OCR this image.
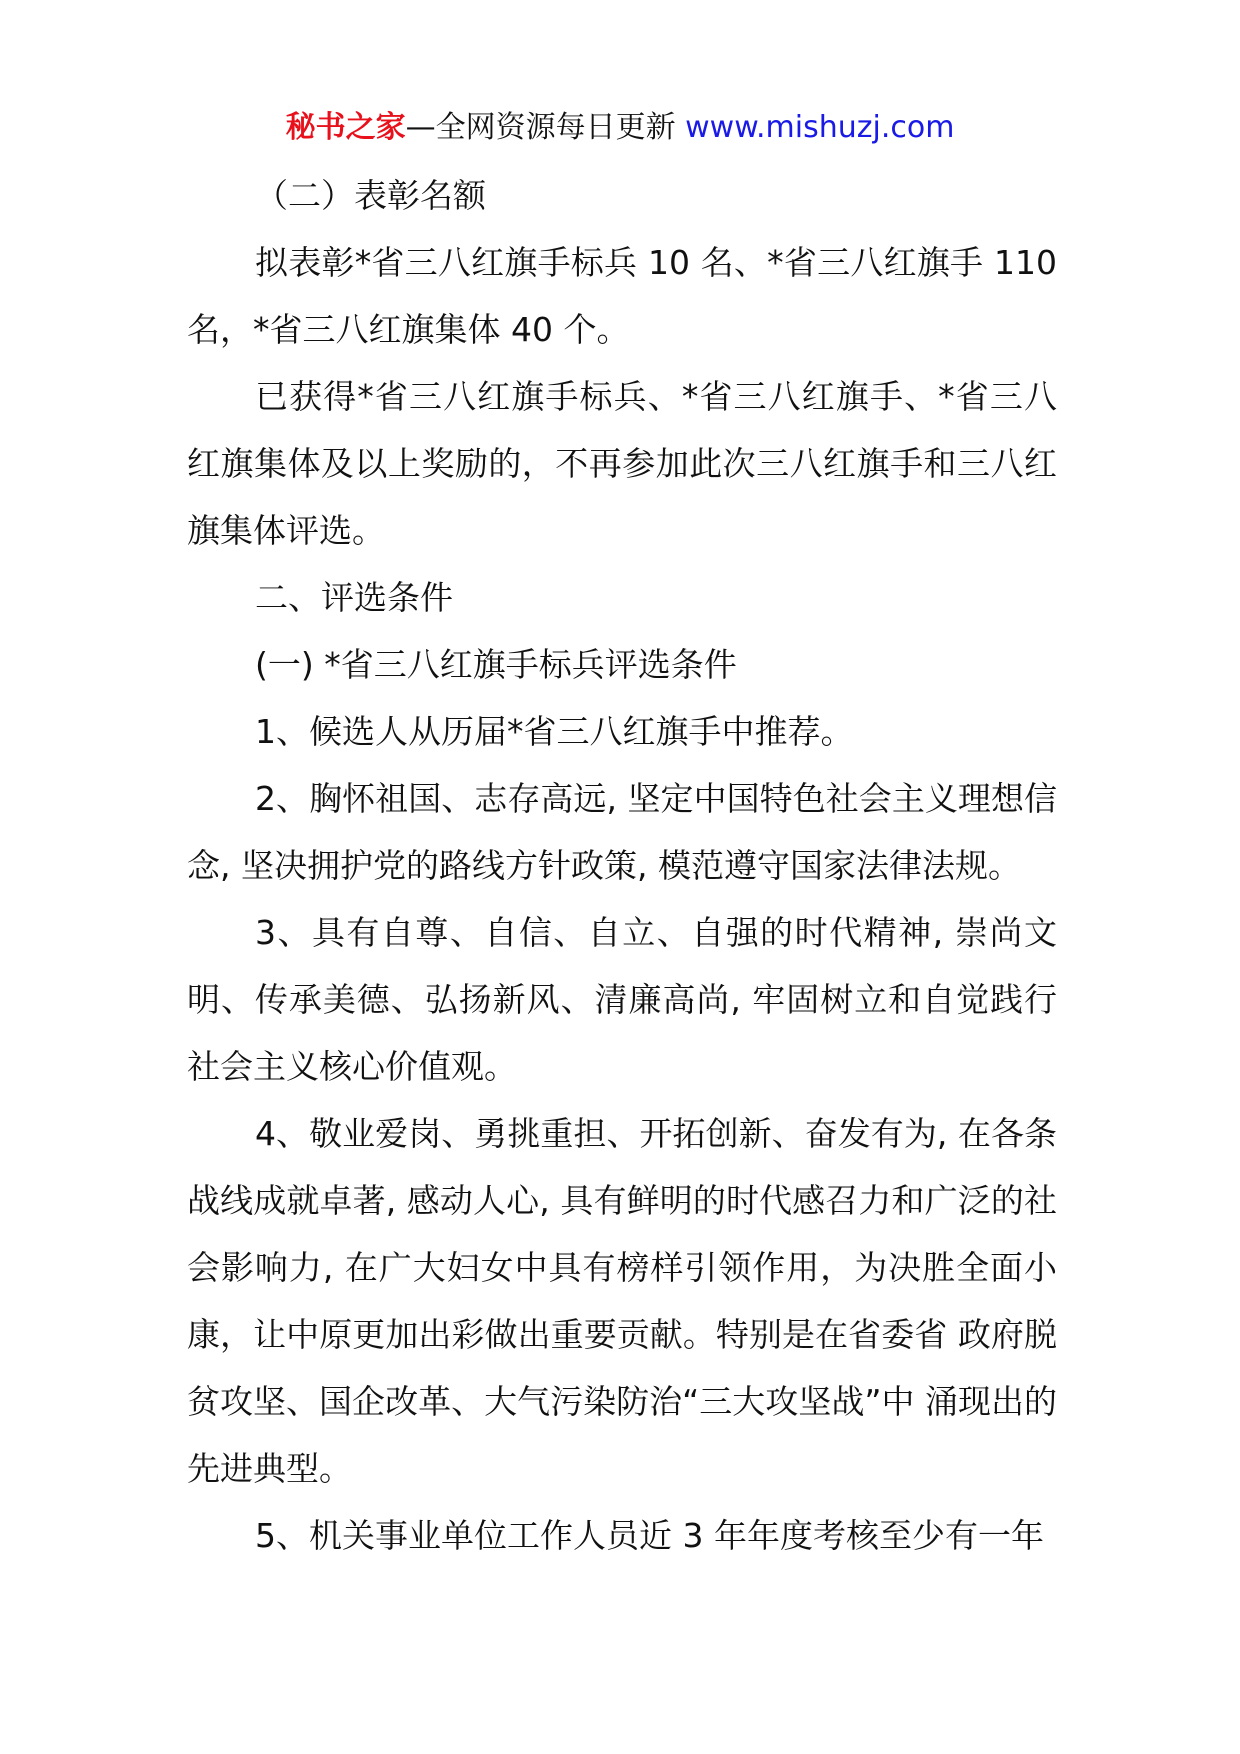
秘书之家—全网资源每日更新 www.mishuzj.com

（二）表彰名额

拟表彰*省三八红旗手标兵 10 名、*省三八红旗手 110 名，*省三八红旗集体 40 个。

已获得*省三八红旗手标兵、*省三八红旗手、*省三八 红旗集体及以上奖励的，不再参加此次三八红旗手和三八红旗集体评选。

二、评选条件

(一) *省三八红旗手标兵评选条件

1、候选人从历届*省三八红旗手中推荐。

2、胸怀祖国、志存高远, 坚定中国特色社会主义理想信念, 坚决拥护党的路线方针政策, 模范遵守国家法律法规。

3、具有自尊、自信、自立、自强的时代精神, 崇尚文明、传承美德、弘扬新风、清廉高尚, 牢固树立和自觉践行社会主义核心价值观。

4、敬业爱岗、勇挑重担、开拓创新、奋发有为, 在各条战线成就卓著, 感动人心, 具有鲜明的时代感召力和广泛的社会影响力, 在广大妇女中具有榜样引领作用，为决胜全面小康，让中原更加出彩做出重要贡献。特别是在省委省 政府脱贫攻坚、国企改革、大气污染防治“三大攻坚战”中 涌现出的先进典型。

5、机关事业单位工作人员近 3 年年度考核至少有一年
